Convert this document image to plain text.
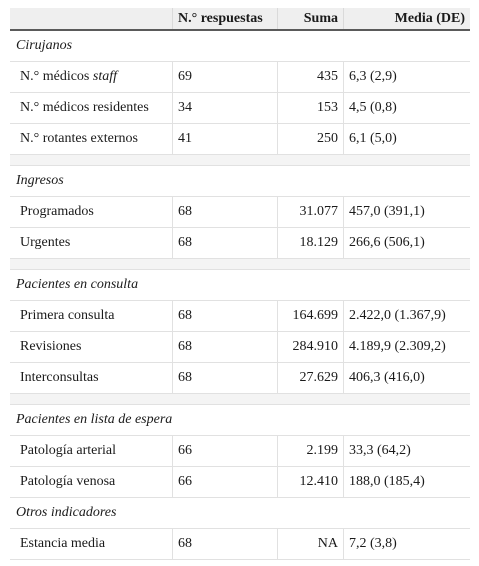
	N.° respuestas	Suma	Media (DE)
Cirujanos			
N.° médicos staff	69	435	6,3 (2,9)
N.° médicos residentes	34	153	4,5 (0,8)
N.° rotantes externos	41	250	6,1 (5,0)

Ingresos			
Programados	68	31.077	457,0 (391,1)
Urgentes	68	18.129	266,6 (506,1)

Pacientes en consulta			
Primera consulta	68	164.699	2.422,0 (1.367,9)
Revisiones	68	284.910	4.189,9 (2.309,2)
Interconsultas	68	27.629	406,3 (416,0)

Pacientes en lista de espera			
Patología arterial	66	2.199	33,3 (64,2)
Patología venosa	66	12.410	188,0 (185,4)
Otros indicadores			
Estancia media	68	NA	7,2 (3,8)
